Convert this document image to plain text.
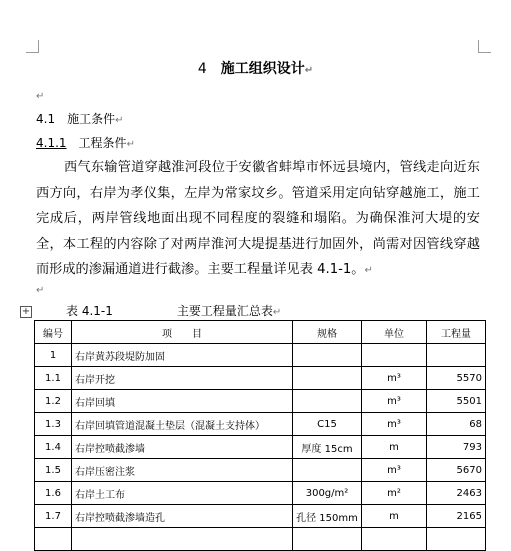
4 施工组织设计↵
↵
4.1 施工条件↵
4.1.1 工程条件↵
西气东输管道穿越淮河段位于安徽省蚌埠市怀远县境内，管线走向近东西方向，右岸为孝仪集，左岸为常家坟乡。管道采用定向钻穿越施工，施工完成后，两岸管线地面出现不同程度的裂缝和塌陷。为确保淮河大堤的安全，本工程的内容除了对两岸淮河大堤提基进行加固外，尚需对因管线穿越而形成的渗漏通道进行截渗。主要工程量详见表 4.1-1。↵
↵
+	表 4.1-1	主要工程量汇总表↵
编号	项　　目	规格	单位	工程量
1	右岸黄苏段堤防加固			
1.1	右岸开挖		m³	5570
1.2	右岸回填		m³	5501
1.3	右岸回填管道混凝土垫层（混凝土支持体）	C15	m³	68
1.4	右岸控喷截渗墙	厚度 15cm	m	793
1.5	右岸压密注浆		m³	5670
1.6	右岸土工布	300g/m²	m²	2463
1.7	右岸控喷截渗墙造孔	孔径 150mm	m	2165
